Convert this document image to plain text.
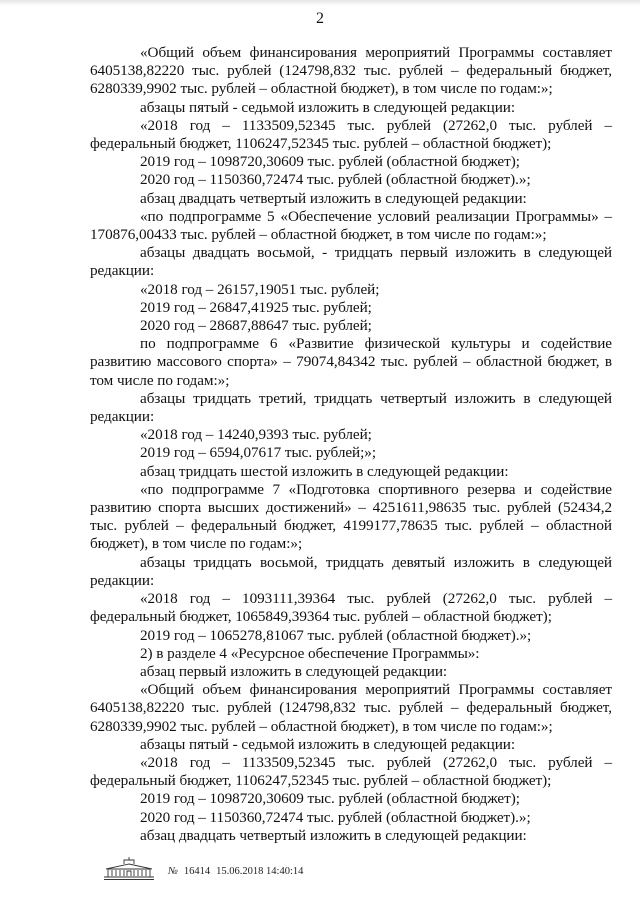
2

«Общий объем финансирования мероприятий Программы составляет 6405138,82220 тыс. рублей (124798,832 тыс. рублей – федеральный бюджет, 6280339,9902 тыс. рублей – областной бюджет), в том числе по годам:»;

абзацы пятый - седьмой изложить в следующей редакции:

«2018 год – 1133509,52345 тыс. рублей (27262,0 тыс. рублей – федеральный бюджет, 1106247,52345 тыс. рублей – областной бюджет);

2019 год – 1098720,30609 тыс. рублей (областной бюджет);

2020 год – 1150360,72474 тыс. рублей (областной бюджет).»;

абзац двадцать четвертый изложить в следующей редакции:

«по подпрограмме 5 «Обеспечение условий реализации Программы» – 170876,00433 тыс. рублей – областной бюджет, в том числе по годам:»;

абзацы двадцать восьмой, - тридцать первый изложить в следующей редакции:

«2018 год – 26157,19051 тыс. рублей;

2019 год – 26847,41925 тыс. рублей;

2020 год – 28687,88647 тыс. рублей;

по подпрограмме 6 «Развитие физической культуры и содействие развитию массового спорта» – 79074,84342 тыс. рублей – областной бюджет, в том числе по годам:»;

абзацы тридцать третий, тридцать четвертый изложить в следующей редакции:

«2018 год – 14240,9393 тыс. рублей;

2019 год – 6594,07617 тыс. рублей;»;

абзац тридцать шестой изложить в следующей редакции:

«по подпрограмме 7 «Подготовка спортивного резерва и содействие развитию спорта высших достижений» – 4251611,98635 тыс. рублей (52434,2 тыс. рублей – федеральный бюджет, 4199177,78635 тыс. рублей – областной бюджет), в том числе по годам:»;

абзацы тридцать восьмой, тридцать девятый изложить в следующей редакции:

«2018 год – 1093111,39364 тыс. рублей (27262,0 тыс. рублей – федеральный бюджет, 1065849,39364 тыс. рублей – областной бюджет);

2019 год – 1065278,81067 тыс. рублей (областной бюджет).»;

2) в разделе 4 «Ресурсное обеспечение Программы»:

абзац первый изложить в следующей редакции:

«Общий объем финансирования мероприятий Программы составляет 6405138,82220 тыс. рублей (124798,832 тыс. рублей – федеральный бюджет, 6280339,9902 тыс. рублей – областной бюджет), в том числе по годам:»;

абзацы пятый - седьмой изложить в следующей редакции:

«2018 год – 1133509,52345 тыс. рублей (27262,0 тыс. рублей – федеральный бюджет, 1106247,52345 тыс. рублей – областной бюджет);

2019 год – 1098720,30609 тыс. рублей (областной бюджет);

2020 год – 1150360,72474 тыс. рублей (областной бюджет).»;

абзац двадцать четвертый изложить в следующей редакции:

№ 16414 15.06.2018 14:40:14
